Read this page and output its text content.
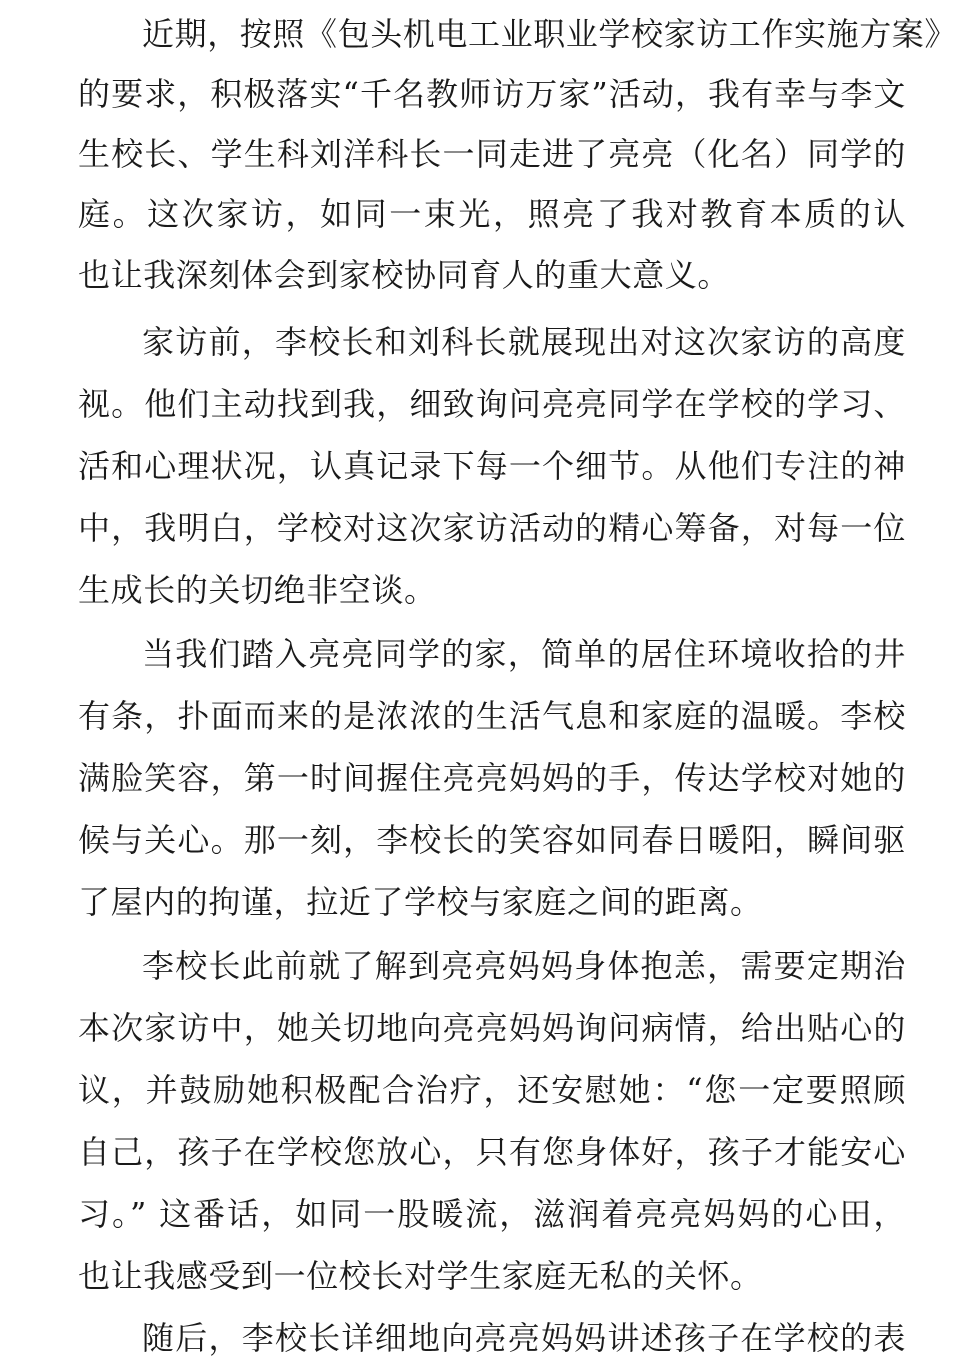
近期，按照《包头机电工业职业学校家访工作实施方案》
的要求，积极落实“千名教师访万家”活动，我有幸与李文
生校长、学生科刘洋科长一同走进了亮亮（化名）同学的
庭。这次家访，如同一束光，照亮了我对教育本质的认
也让我深刻体会到家校协同育人的重大意义。
家访前，李校长和刘科长就展现出对这次家访的高度
视。他们主动找到我，细致询问亮亮同学在学校的学习、
活和心理状况，认真记录下每一个细节。从他们专注的神
中，我明白，学校对这次家访活动的精心筹备，对每一位
生成长的关切绝非空谈。
当我们踏入亮亮同学的家，简单的居住环境收拾的井
有条，扑面而来的是浓浓的生活气息和家庭的温暖。李校
满脸笑容，第一时间握住亮亮妈妈的手，传达学校对她的
候与关心。那一刻，李校长的笑容如同春日暖阳，瞬间驱
了屋内的拘谨，拉近了学校与家庭之间的距离。
李校长此前就了解到亮亮妈妈身体抱恙，需要定期治
本次家访中，她关切地向亮亮妈妈询问病情，给出贴心的
议，并鼓励她积极配合治疗，还安慰她：“您一定要照顾
自己，孩子在学校您放心，只有您身体好，孩子才能安心
习。” 这番话，如同一股暖流，滋润着亮亮妈妈的心田，
也让我感受到一位校长对学生家庭无私的关怀。
随后，李校长详细地向亮亮妈妈讲述孩子在学校的表
